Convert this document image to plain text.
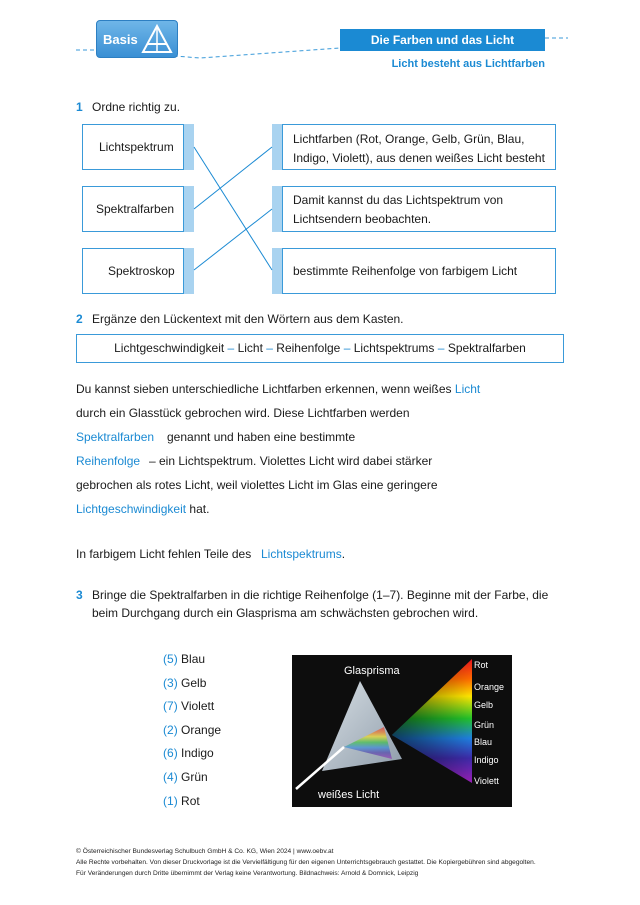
Basis	Die Farben und das Licht
Licht besteht aus Lichtfarben
1 Ordne richtig zu.
Lichtspektrum
Spektralfarben
Spektroskop
Lichtfarben (Rot, Orange, Gelb, Grün, Blau, Indigo, Violett), aus denen weißes Licht besteht
Damit kannst du das Lichtspektrum von Lichtsendern beobachten.
bestimmte Reihenfolge von farbigem Licht
2 Ergänze den Lückentext mit den Wörtern aus dem Kasten.
Lichtgeschwindigkeit – Licht – Reihenfolge – Lichtspektrums – Spektralfarben
Du kannst sieben unterschiedliche Lichtfarben erkennen, wenn weißes Licht
durch ein Glasstück gebrochen wird. Diese Lichtfarben werden
Spektralfarben genannt und haben eine bestimmte
Reihenfolge – ein Lichtspektrum. Violettes Licht wird dabei stärker
gebrochen als rotes Licht, weil violettes Licht im Glas eine geringere
Lichtgeschwindigkeit hat.
In farbigem Licht fehlen Teile des Lichtspektrums.
3 Bringe die Spektralfarben in die richtige Reihenfolge (1–7). Beginne mit der Farbe, die
beim Durchgang durch ein Glasprisma am schwächsten gebrochen wird.
(5) Blau
(3) Gelb
(7) Violett
(2) Orange
(6) Indigo
(4) Grün
(1) Rot
Glasprisma
weißes Licht
Rot
Orange
Gelb
Grün
Blau
Indigo
Violett
© Österreichischer Bundesverlag Schulbuch GmbH & Co. KG, Wien 2024 | www.oebv.at
Alle Rechte vorbehalten. Von dieser Druckvorlage ist die Vervielfältigung für den eigenen Unterrichtsgebrauch gestattet. Die Kopiergebühren sind abgegolten.
Für Veränderungen durch Dritte übernimmt der Verlag keine Verantwortung. Bildnachweis: Arnold & Domnick, Leipzig
